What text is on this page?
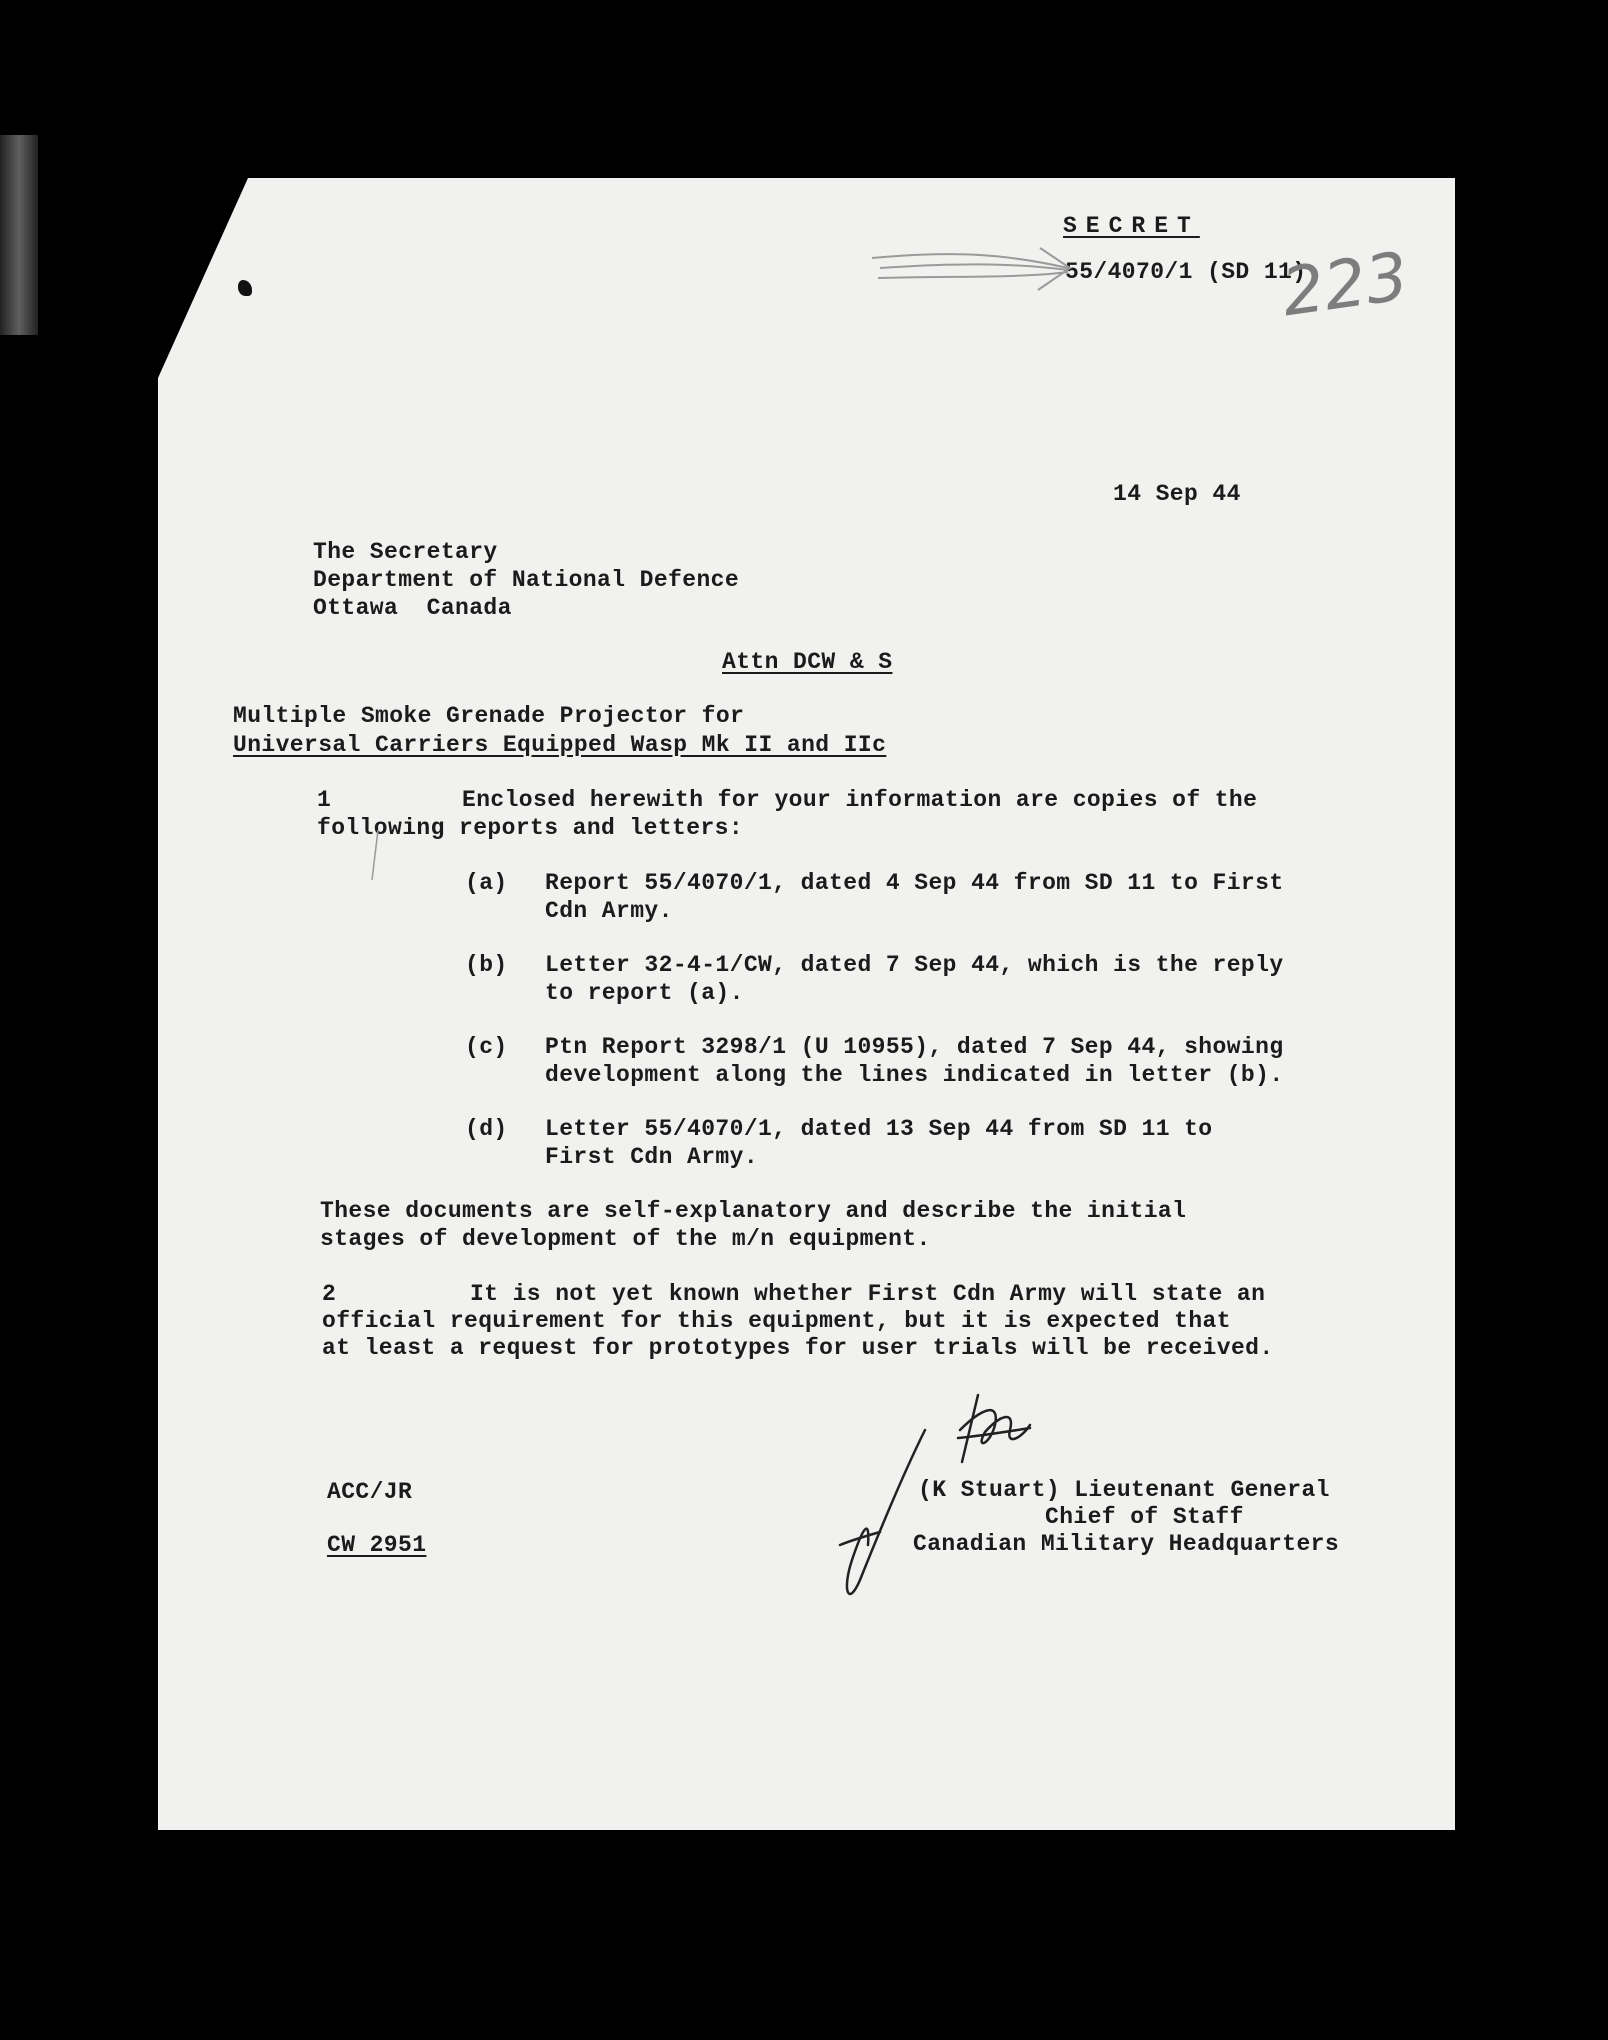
SECRET
55/4070/1 (SD 11)
223
14 Sep 44
The Secretary
Department of National Defence
Ottawa  Canada
Attn DCW & S
Multiple Smoke Grenade Projector for
Universal Carriers Equipped Wasp Mk II and IIc
1	Enclosed herewith for your information are copies of the
following reports and letters:
(a) Report 55/4070/1, dated 4 Sep 44 from SD 11 to First
Cdn Army.
(b) Letter 32-4-1/CW, dated 7 Sep 44, which is the reply
to report (a).
(c) Ptn Report 3298/1 (U 10955), dated 7 Sep 44, showing
development along the lines indicated in letter (b).
(d) Letter 55/4070/1, dated 13 Sep 44 from SD 11 to
First Cdn Army.
These documents are self-explanatory and describe the initial
stages of development of the m/n equipment.
2	It is not yet known whether First Cdn Army will state an
official requirement for this equipment, but it is expected that
at least a request for prototypes for user trials will be received.
ACC/JR
CW 2951
(K Stuart) Lieutenant General
Chief of Staff
Canadian Military Headquarters
